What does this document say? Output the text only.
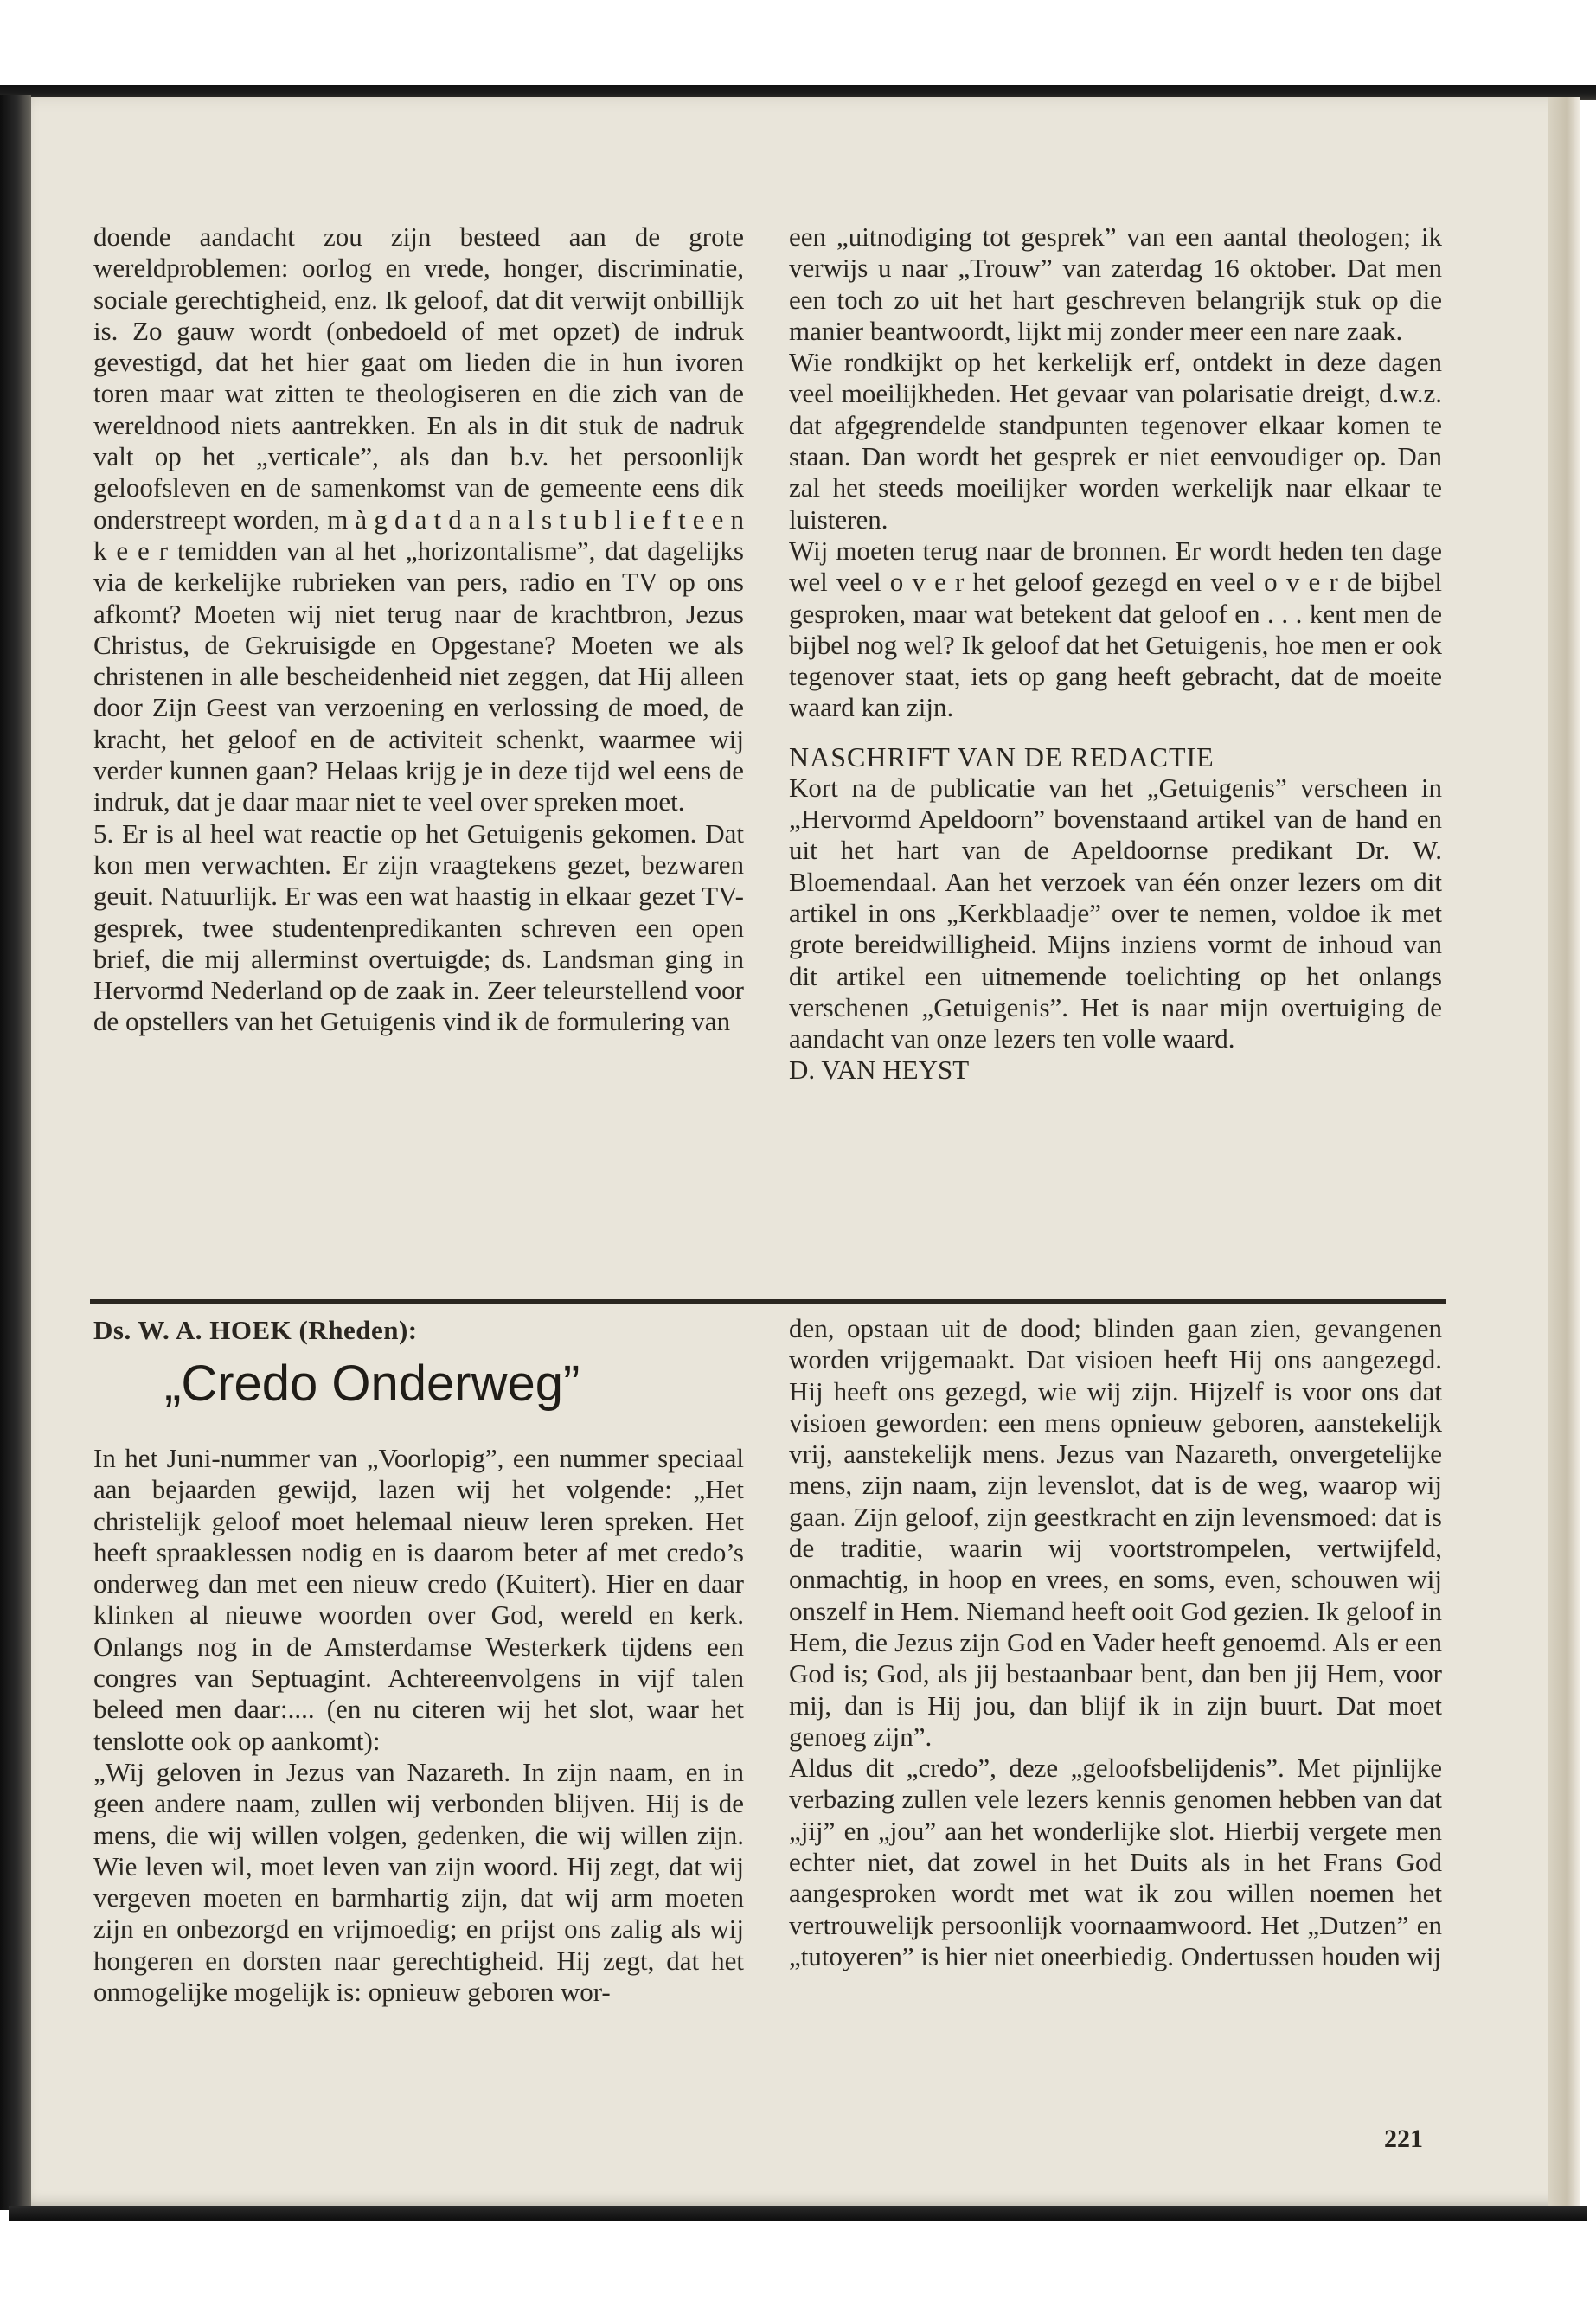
doende aandacht zou zijn besteed aan de grote wereldproblemen: oorlog en vrede, honger, discriminatie, sociale gerechtigheid, enz. Ik geloof, dat dit verwijt onbillijk is. Zo gauw wordt (onbedoeld of met opzet) de indruk gevestigd, dat het hier gaat om lieden die in hun ivoren toren maar wat zitten te theologiseren en die zich van de wereldnood niets aantrekken. En als in dit stuk de nadruk valt op het „verticale”, als dan b.v. het persoonlijk geloofsleven en de samenkomst van de gemeente eens dik onderstreept worden, m à g d a t d a n a l s t u b l i e f t e e n k e e r temidden van al het „horizontalisme”, dat dagelijks via de kerkelijke rubrieken van pers, radio en TV op ons afkomt? Moeten wij niet terug naar de krachtbron, Jezus Christus, de Gekruisigde en Opgestane? Moeten we als christenen in alle bescheidenheid niet zeggen, dat Hij alleen door Zijn Geest van verzoening en verlossing de moed, de kracht, het geloof en de activiteit schenkt, waarmee wij verder kunnen gaan? Helaas krijg je in deze tijd wel eens de indruk, dat je daar maar niet te veel over spreken moet.

5. Er is al heel wat reactie op het Getuigenis gekomen. Dat kon men verwachten. Er zijn vraagtekens gezet, bezwaren geuit. Natuurlijk. Er was een wat haastig in elkaar gezet TV-gesprek, twee studentenpredikanten schreven een open brief, die mij allerminst overtuigde; ds. Landsman ging in Hervormd Nederland op de zaak in. Zeer teleurstellend voor de opstellers van het Getuigenis vind ik de formulering van

een „uitnodiging tot gesprek” van een aantal theologen; ik verwijs u naar „Trouw” van zaterdag 16 oktober. Dat men een toch zo uit het hart geschreven belangrijk stuk op die manier beantwoordt, lijkt mij zonder meer een nare zaak.

Wie rondkijkt op het kerkelijk erf, ontdekt in deze dagen veel moeilijkheden. Het gevaar van polarisatie dreigt, d.w.z. dat afgegrendelde standpunten tegenover elkaar komen te staan. Dan wordt het gesprek er niet eenvoudiger op. Dan zal het steeds moeilijker worden werkelijk naar elkaar te luisteren.

Wij moeten terug naar de bronnen. Er wordt heden ten dage wel veel o v e r het geloof gezegd en veel o v e r de bijbel gesproken, maar wat betekent dat geloof en . . . kent men de bijbel nog wel? Ik geloof dat het Getuigenis, hoe men er ook tegenover staat, iets op gang heeft gebracht, dat de moeite waard kan zijn.

NASCHRIFT VAN DE REDACTIE

Kort na de publicatie van het „Getuigenis” verscheen in „Hervormd Apeldoorn” bovenstaand artikel van de hand en uit het hart van de Apeldoornse predikant Dr. W. Bloemendaal. Aan het verzoek van één onzer lezers om dit artikel in ons „Kerkblaadje” over te nemen, voldoe ik met grote bereidwilligheid. Mijns inziens vormt de inhoud van dit artikel een uitnemende toelichting op het onlangs verschenen „Getuigenis”. Het is naar mijn overtuiging de aandacht van onze lezers ten volle waard.

D. VAN HEYST

Ds. W. A. HOEK (Rheden):
„Credo Onderweg”

In het Juni-nummer van „Voorlopig”, een nummer speciaal aan bejaarden gewijd, lazen wij het volgende: „Het christelijk geloof moet helemaal nieuw leren spreken. Het heeft spraaklessen nodig en is daarom beter af met credo’s onderweg dan met een nieuw credo (Kuitert). Hier en daar klinken al nieuwe woorden over God, wereld en kerk. Onlangs nog in de Amsterdamse Westerkerk tijdens een congres van Septuagint. Achtereenvolgens in vijf talen beleed men daar:.... (en nu citeren wij het slot, waar het tenslotte ook op aankomt):

„Wij geloven in Jezus van Nazareth. In zijn naam, en in geen andere naam, zullen wij verbonden blijven. Hij is de mens, die wij willen volgen, gedenken, die wij willen zijn. Wie leven wil, moet leven van zijn woord. Hij zegt, dat wij vergeven moeten en barmhartig zijn, dat wij arm moeten zijn en onbezorgd en vrijmoedig; en prijst ons zalig als wij hongeren en dorsten naar gerechtigheid. Hij zegt, dat het onmogelijke mogelijk is: opnieuw geboren wor-

den, opstaan uit de dood; blinden gaan zien, gevangenen worden vrijgemaakt. Dat visioen heeft Hij ons aangezegd. Hij heeft ons gezegd, wie wij zijn. Hijzelf is voor ons dat visioen geworden: een mens opnieuw geboren, aanstekelijk vrij, aanstekelijk mens. Jezus van Nazareth, onvergetelijke mens, zijn naam, zijn levenslot, dat is de weg, waarop wij gaan. Zijn geloof, zijn geestkracht en zijn levensmoed: dat is de traditie, waarin wij voortstrompelen, vertwijfeld, onmachtig, in hoop en vrees, en soms, even, schouwen wij onszelf in Hem. Niemand heeft ooit God gezien. Ik geloof in Hem, die Jezus zijn God en Vader heeft genoemd. Als er een God is; God, als jij bestaanbaar bent, dan ben jij Hem, voor mij, dan is Hij jou, dan blijf ik in zijn buurt. Dat moet genoeg zijn”.

Aldus dit „credo”, deze „geloofsbelijdenis”. Met pijnlijke verbazing zullen vele lezers kennis genomen hebben van dat „jij” en „jou” aan het wonderlijke slot. Hierbij vergete men echter niet, dat zowel in het Duits als in het Frans God aangesproken wordt met wat ik zou willen noemen het vertrouwelijk persoonlijk voornaamwoord. Het „Dutzen” en „tutoyeren” is hier niet oneerbiedig. Ondertussen houden wij

221
